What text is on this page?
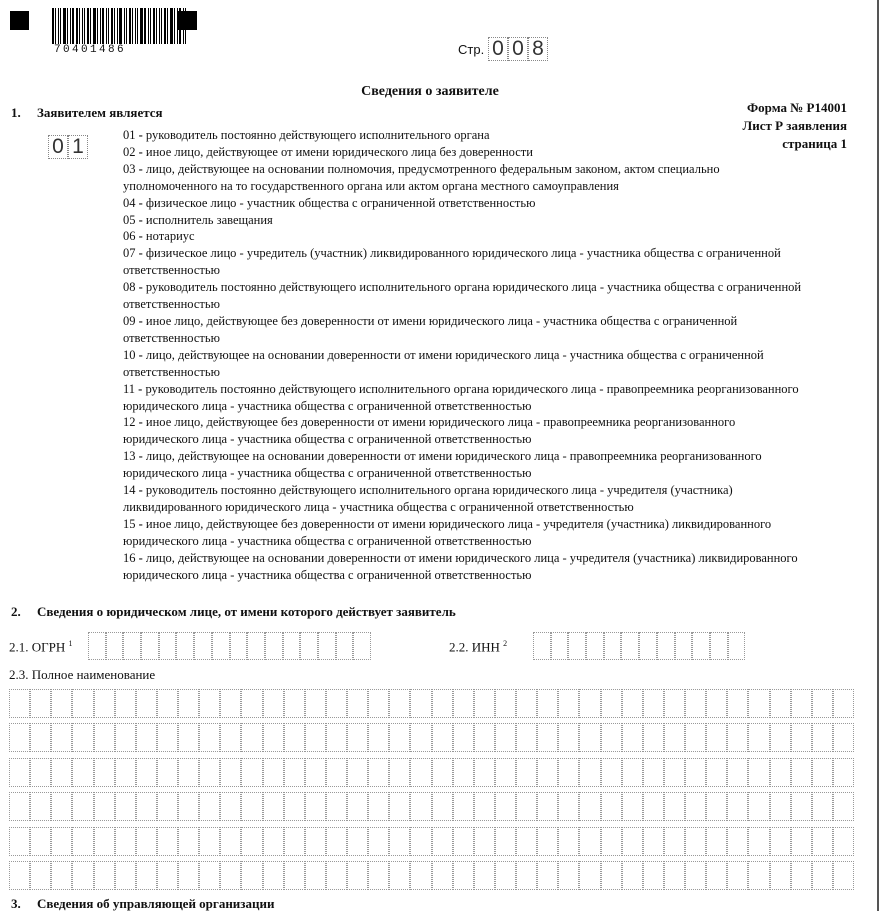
70401486	Стр. 0 0 8
Сведения о заявителе
Форма № Р14001
Лист Р заявления
страница 1
1. Заявителем является
0 1	01 - руководитель постоянно действующего исполнительного органа
02 - иное лицо, действующее от имени юридического лица без доверенности
03 - лицо, действующее на основании полномочия, предусмотренного федеральным законом, актом специально уполномоченного на то государственного органа или актом органа местного самоуправления
04 - физическое лицо - участник общества с ограниченной ответственностью
05 - исполнитель завещания
06 - нотариус
07 - физическое лицо - учредитель (участник) ликвидированного юридического лица - участника общества с ограниченной ответственностью
08 - руководитель постоянно действующего исполнительного органа юридического лица - участника общества с ограниченной ответственностью
09 - иное лицо, действующее без доверенности от имени юридического лица - участника общества с ограниченной ответственностью
10 - лицо, действующее на основании доверенности от имени юридического лица - участника общества с ограниченной ответственностью
11 - руководитель постоянно действующего исполнительного органа юридического лица - правопреемника реорганизованного юридического лица - участника общества с ограниченной ответственностью
12 - иное лицо, действующее без доверенности от имени юридического лица - правопреемника реорганизованного юридического лица - участника общества с ограниченной ответственностью
13 - лицо, действующее на основании доверенности от имени юридического лица - правопреемника реорганизованного юридического лица - участника общества с ограниченной ответственностью
14 - руководитель постоянно действующего исполнительного органа юридического лица - учредителя (участника) ликвидированного юридического лица - участника общества с ограниченной ответственностью
15 - иное лицо, действующее без доверенности от имени юридического лица - учредителя (участника) ликвидированного юридического лица - участника общества с ограниченной ответственностью
16 - лицо, действующее на основании доверенности от имени юридического лица - учредителя (участника) ликвидированного юридического лица - участника общества с ограниченной ответственностью
2. Сведения о юридическом лице, от имени которого действует заявитель
2.1. ОГРН $^1$	2.2. ИНН $^2$
2.3. Полное наименование
3. Сведения об управляющей организации
